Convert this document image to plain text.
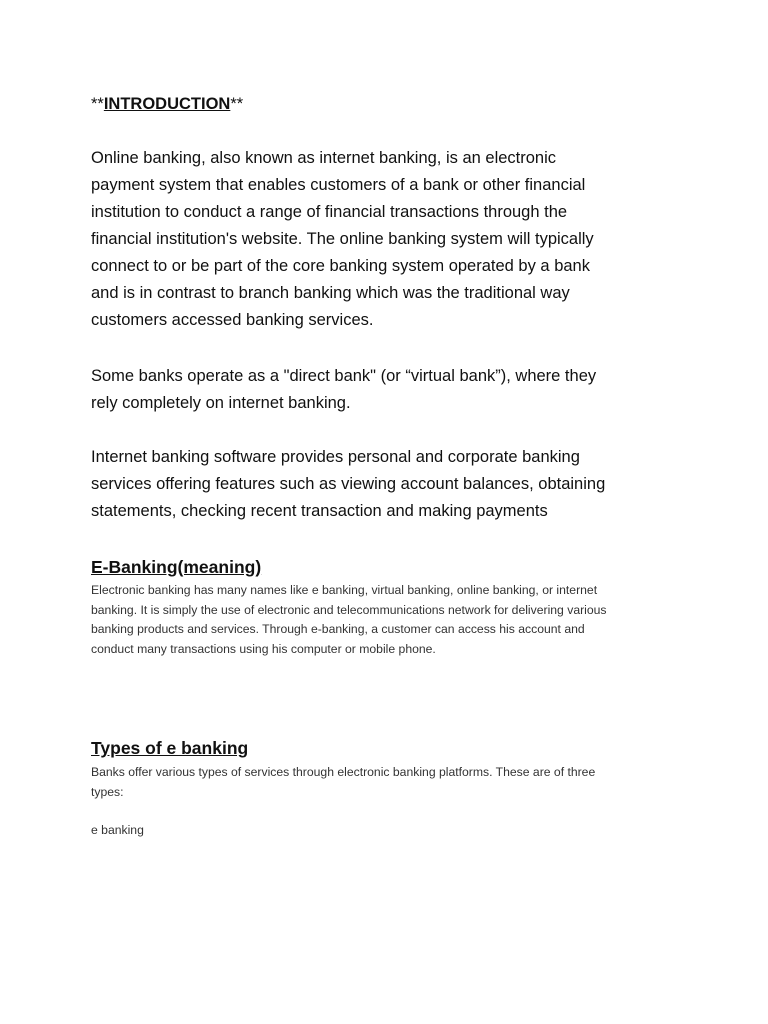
**INTRODUCTION**

Online banking, also known as internet banking, is an electronic
payment system that enables customers of a bank or other financial
institution to conduct a range of financial transactions through the
financial institution's website. The online banking system will typically
connect to or be part of the core banking system operated by a bank
and is in contrast to branch banking which was the traditional way
customers accessed banking services.

Some banks operate as a "direct bank" (or “virtual bank”), where they
rely completely on internet banking.

Internet banking software provides personal and corporate banking
services offering features such as viewing account balances, obtaining
statements, checking recent transaction and making payments

E-Banking(meaning)

Electronic banking has many names like e banking, virtual banking, online banking, or internet
banking. It is simply the use of electronic and telecommunications network for delivering various
banking products and services. Through e-banking, a customer can access his account and
conduct many transactions using his computer or mobile phone.

Types of e banking

Banks offer various types of services through electronic banking platforms. These are of three
types:

e banking
